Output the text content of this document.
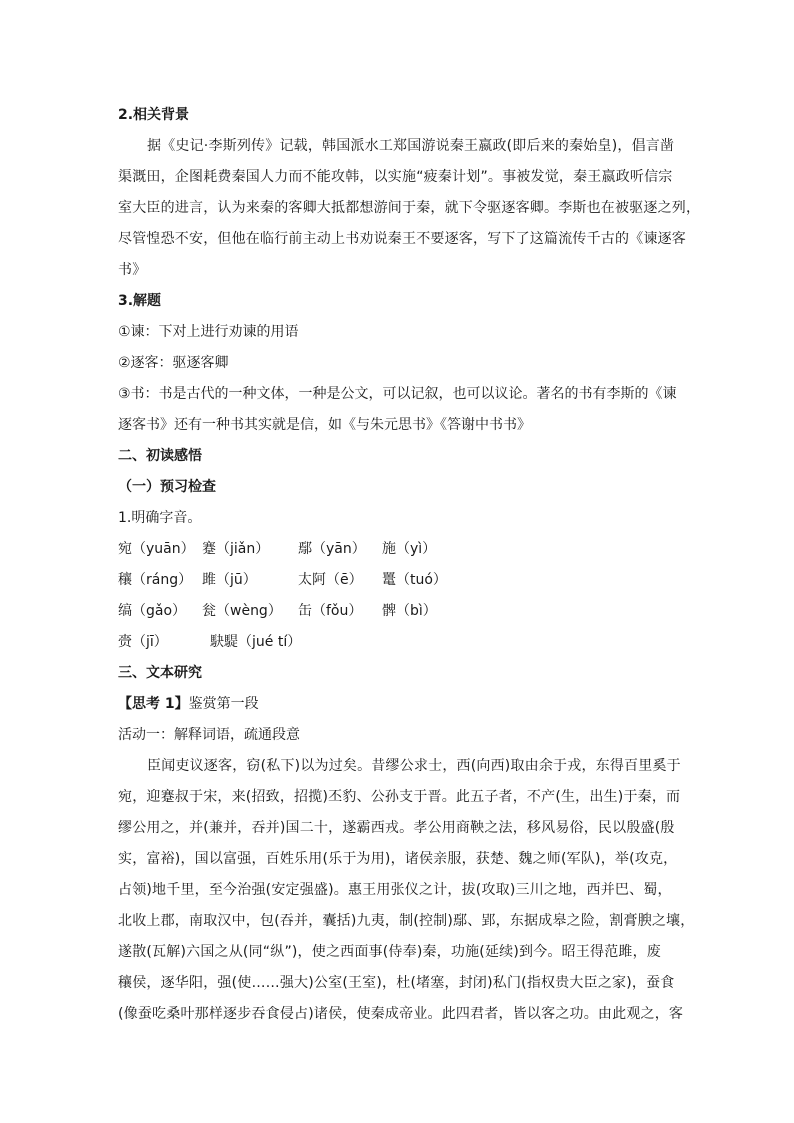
2.相关背景
据《史记·李斯列传》记载，韩国派水工郑国游说秦王嬴政(即后来的秦始皇)，倡言凿
渠溉田，企图耗费秦国人力而不能攻韩，以实施“疲秦计划”。事被发觉，秦王嬴政听信宗
室大臣的进言，认为来秦的客卿大抵都想游间于秦，就下令驱逐客卿。李斯也在被驱逐之列，
尽管惶恐不安，但他在临行前主动上书劝说秦王不要逐客，写下了这篇流传千古的《谏逐客
书》
3.解题
①谏：下对上进行劝谏的用语
②逐客：驱逐客卿
③书：书是古代的一种文体，一种是公文，可以记叙，也可以议论。著名的书有李斯的《谏
逐客书》还有一种书其实就是信，如《与朱元思书》《答谢中书书》
二、初读感悟
（一）预习检查
1.明确字音。
宛（yuān） 蹇（jiǎn）	鄢（yān）	施（yì）
穰（ráng） 雎（jū）	太阿（ē）	鼍（tuó）
缟（gǎo）	瓮（wèng）	缶（fǒu）	髀（bì）
赍（jī）	駃騠（jué tí）
三、文本研究
【思考 1】鉴赏第一段
活动一：解释词语，疏通段意
臣闻吏议逐客，窃(私下)以为过矣。昔缪公求士，西(向西)取由余于戎，东得百里奚于
宛，迎蹇叔于宋，来(招致，招揽)丕豹、公孙支于晋。此五子者，不产(生，出生)于秦，而
缪公用之，并(兼并，吞并)国二十，遂霸西戎。孝公用商鞅之法，移风易俗，民以殷盛(殷
实，富裕)，国以富强，百姓乐用(乐于为用)，诸侯亲服，获楚、魏之师(军队)，举(攻克，
占领)地千里，至今治强(安定强盛)。惠王用张仪之计，拔(攻取)三川之地，西并巴、蜀，
北收上郡，南取汉中，包(吞并，囊括)九夷，制(控制)鄢、郢，东据成皋之险，割膏腴之壤，
遂散(瓦解)六国之从(同“纵”)，使之西面事(侍奉)秦，功施(延续)到今。昭王得范雎，废
穰侯，逐华阳，强(使……强大)公室(王室)，杜(堵塞，封闭)私门(指权贵大臣之家)，蚕食
(像蚕吃桑叶那样逐步吞食侵占)诸侯，使秦成帝业。此四君者，皆以客之功。由此观之，客
